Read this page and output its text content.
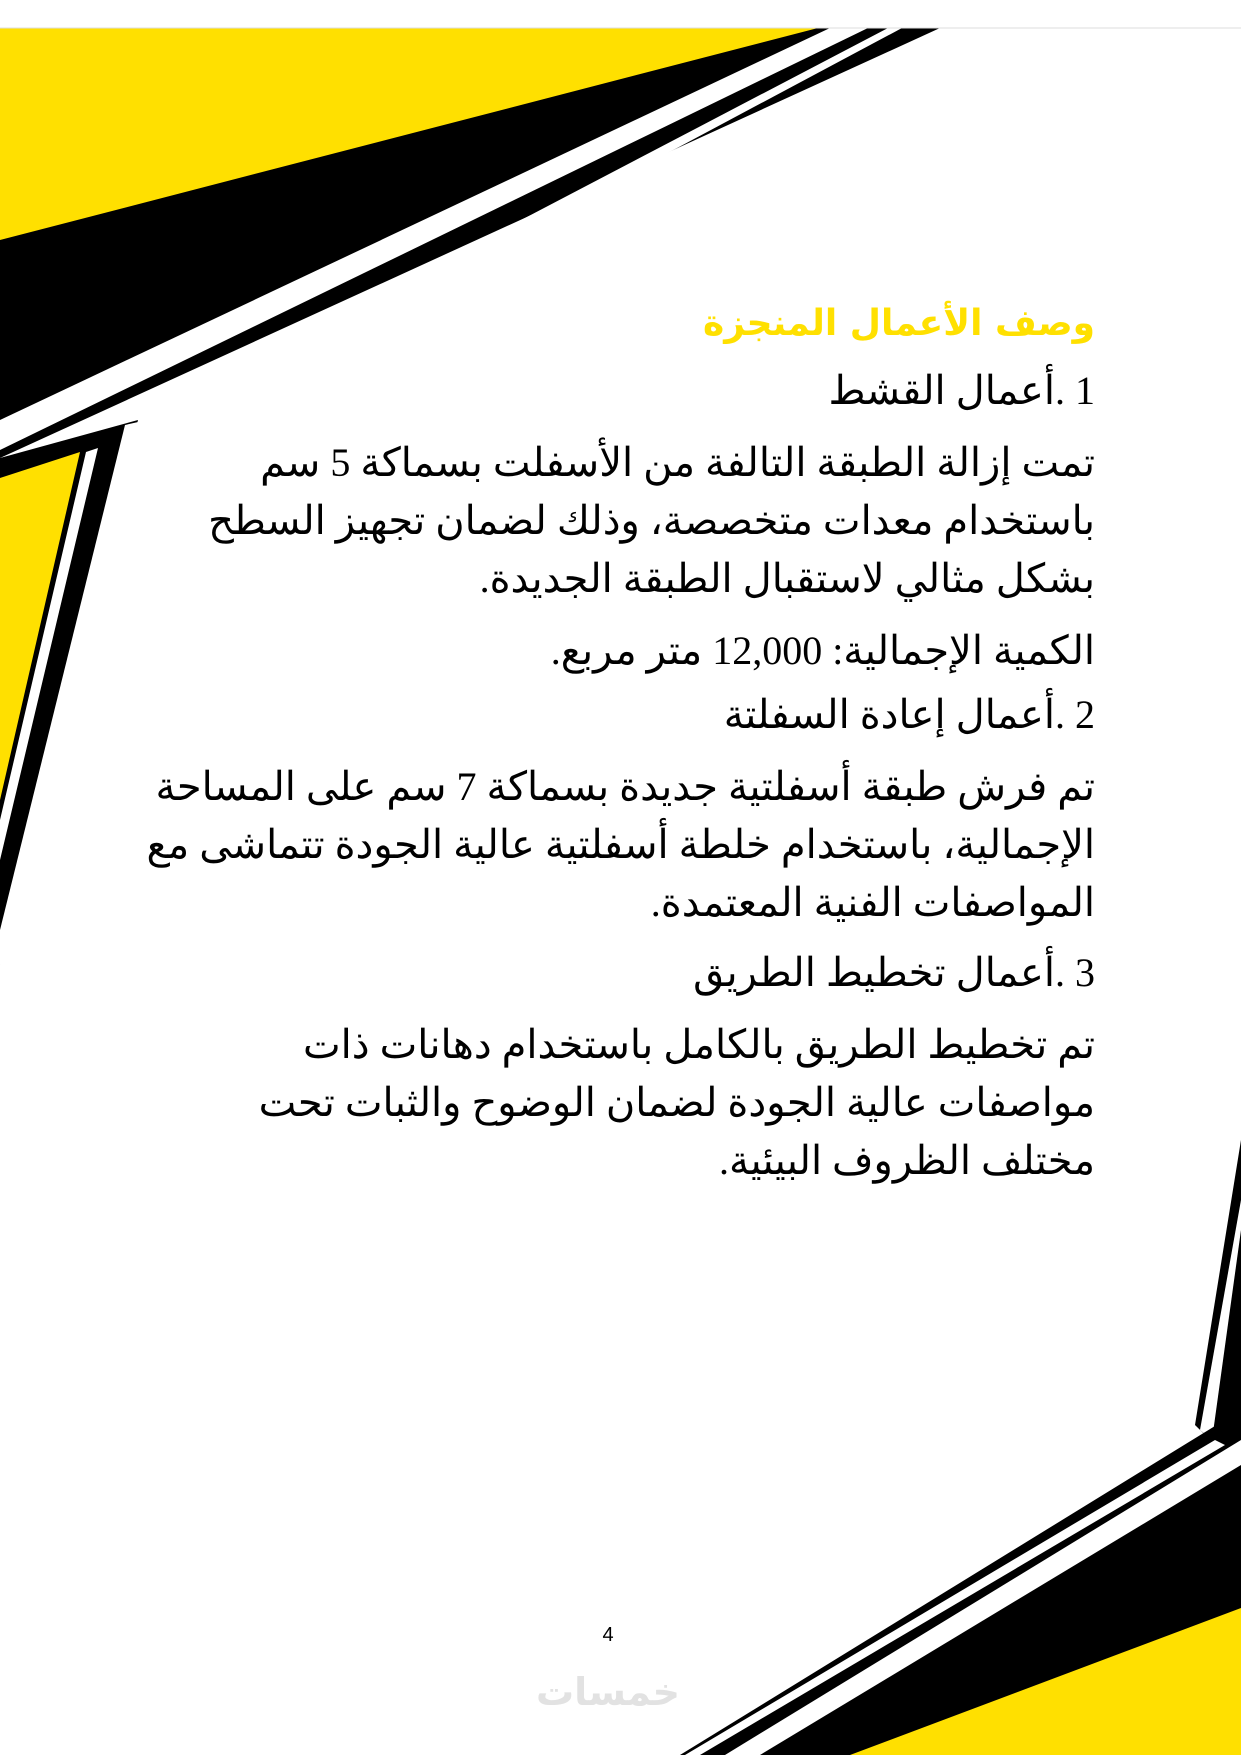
وصف الأعمال المنجزة
1 .أعمال القشط

تمت إزالة الطبقة التالفة من الأسفلت بسماكة 5 سم باستخدام معدات متخصصة، وذلك لضمان تجهيز السطح بشكل مثالي لاستقبال الطبقة الجديدة.

الكمية الإجمالية: 12,000 متر مربع.

2 .أعمال إعادة السفلتة

تم فرش طبقة أسفلتية جديدة بسماكة 7 سم على المساحة الإجمالية، باستخدام خلطة أسفلتية عالية الجودة تتماشى مع المواصفات الفنية المعتمدة.

3 .أعمال تخطيط الطريق

تم تخطيط الطريق بالكامل باستخدام دهانات ذات مواصفات عالية الجودة لضمان الوضوح والثبات تحت مختلف الظروف البيئية.

4
خمسات
